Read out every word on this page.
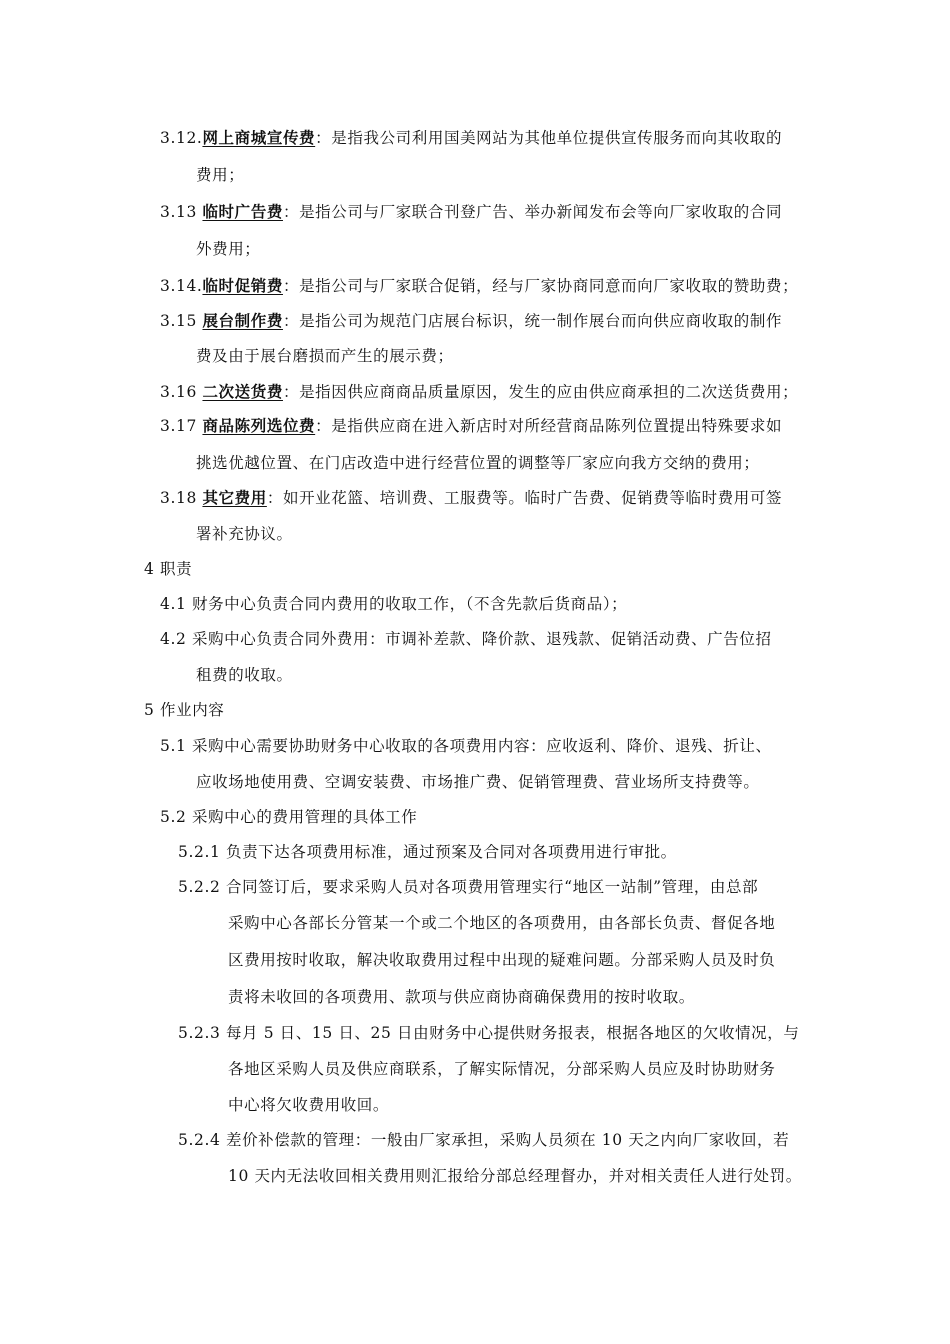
3.12.网上商城宣传费：是指我公司利用国美网站为其他单位提供宣传服务而向其收取的
费用；
3.13 临时广告费：是指公司与厂家联合刊登广告、举办新闻发布会等向厂家收取的合同
外费用；
3.14.临时促销费：是指公司与厂家联合促销，经与厂家协商同意而向厂家收取的赞助费；
3.15 展台制作费：是指公司为规范门店展台标识，统一制作展台而向供应商收取的制作
费及由于展台磨损而产生的展示费；
3.16 二次送货费：是指因供应商商品质量原因，发生的应由供应商承担的二次送货费用；
3.17 商品陈列选位费：是指供应商在进入新店时对所经营商品陈列位置提出特殊要求如
挑选优越位置、在门店改造中进行经营位置的调整等厂家应向我方交纳的费用；
3.18 其它费用：如开业花篮、培训费、工服费等。临时广告费、促销费等临时费用可签
署补充协议。
4 职责
4.1 财务中心负责合同内费用的收取工作，（不含先款后货商品）；
4.2 采购中心负责合同外费用：市调补差款、降价款、退残款、促销活动费、广告位招
租费的收取。
5 作业内容
5.1 采购中心需要协助财务中心收取的各项费用内容：应收返利、降价、退残、折让、
应收场地使用费、空调安装费、市场推广费、促销管理费、营业场所支持费等。
5.2 采购中心的费用管理的具体工作
5.2.1 负责下达各项费用标准，通过预案及合同对各项费用进行审批。
5.2.2 合同签订后，要求采购人员对各项费用管理实行“地区一站制”管理，由总部
采购中心各部长分管某一个或二个地区的各项费用，由各部长负责、督促各地
区费用按时收取，解决收取费用过程中出现的疑难问题。分部采购人员及时负
责将未收回的各项费用、款项与供应商协商确保费用的按时收取。
5.2.3 每月 5 日、15 日、25 日由财务中心提供财务报表，根据各地区的欠收情况，与
各地区采购人员及供应商联系，了解实际情况，分部采购人员应及时协助财务
中心将欠收费用收回。
5.2.4 差价补偿款的管理：一般由厂家承担，采购人员须在 10 天之内向厂家收回，若
10 天内无法收回相关费用则汇报给分部总经理督办，并对相关责任人进行处罚。
